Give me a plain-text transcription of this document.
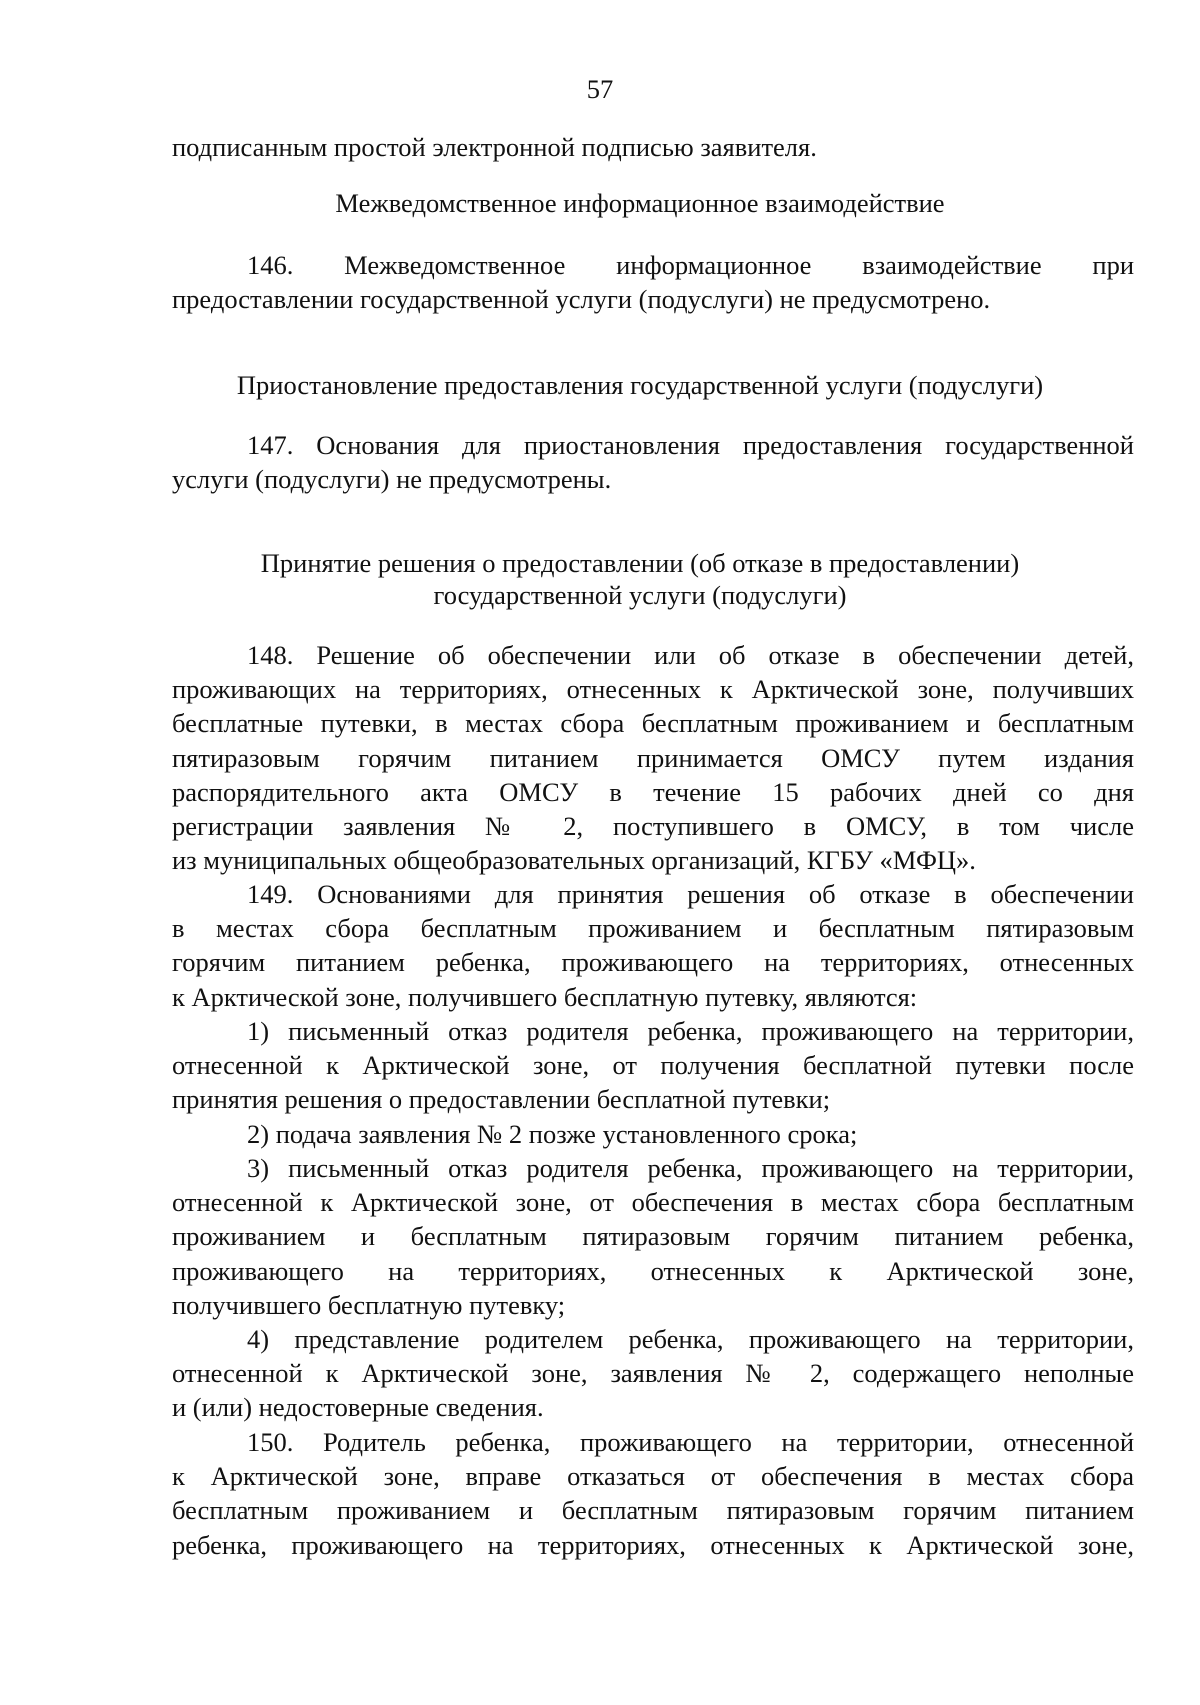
57
подписанным простой электронной подписью заявителя.
Межведомственное информационное взаимодействие
146. Межведомственное информационное взаимодействие при
предоставлении государственной услуги (подуслуги) не предусмотрено.
Приостановление предоставления государственной услуги (подуслуги)
147. Основания для приостановления предоставления государственной
услуги (подуслуги) не предусмотрены.
Принятие решения о предоставлении (об отказе в предоставлении)
государственной услуги (подуслуги)
148. Решение об обеспечении или об отказе в обеспечении детей,
проживающих на территориях, отнесенных к Арктической зоне, получивших
бесплатные путевки, в местах сбора бесплатным проживанием и бесплатным
пятиразовым горячим питанием принимается ОМСУ путем издания
распорядительного акта ОМСУ в течение 15 рабочих дней со дня
регистрации заявления № 2, поступившего в ОМСУ, в том числе
из муниципальных общеобразовательных организаций, КГБУ «МФЦ».
149. Основаниями для принятия решения об отказе в обеспечении
в местах сбора бесплатным проживанием и бесплатным пятиразовым
горячим питанием ребенка, проживающего на территориях, отнесенных
к Арктической зоне, получившего бесплатную путевку, являются:
1) письменный отказ родителя ребенка, проживающего на территории,
отнесенной к Арктической зоне, от получения бесплатной путевки после
принятия решения о предоставлении бесплатной путевки;
2) подача заявления № 2 позже установленного срока;
3) письменный отказ родителя ребенка, проживающего на территории,
отнесенной к Арктической зоне, от обеспечения в местах сбора бесплатным
проживанием и бесплатным пятиразовым горячим питанием ребенка,
проживающего на территориях, отнесенных к Арктической зоне,
получившего бесплатную путевку;
4) представление родителем ребенка, проживающего на территории,
отнесенной к Арктической зоне, заявления № 2, содержащего неполные
и (или) недостоверные сведения.
150. Родитель ребенка, проживающего на территории, отнесенной
к Арктической зоне, вправе отказаться от обеспечения в местах сбора
бесплатным проживанием и бесплатным пятиразовым горячим питанием
ребенка, проживающего на территориях, отнесенных к Арктической зоне,
